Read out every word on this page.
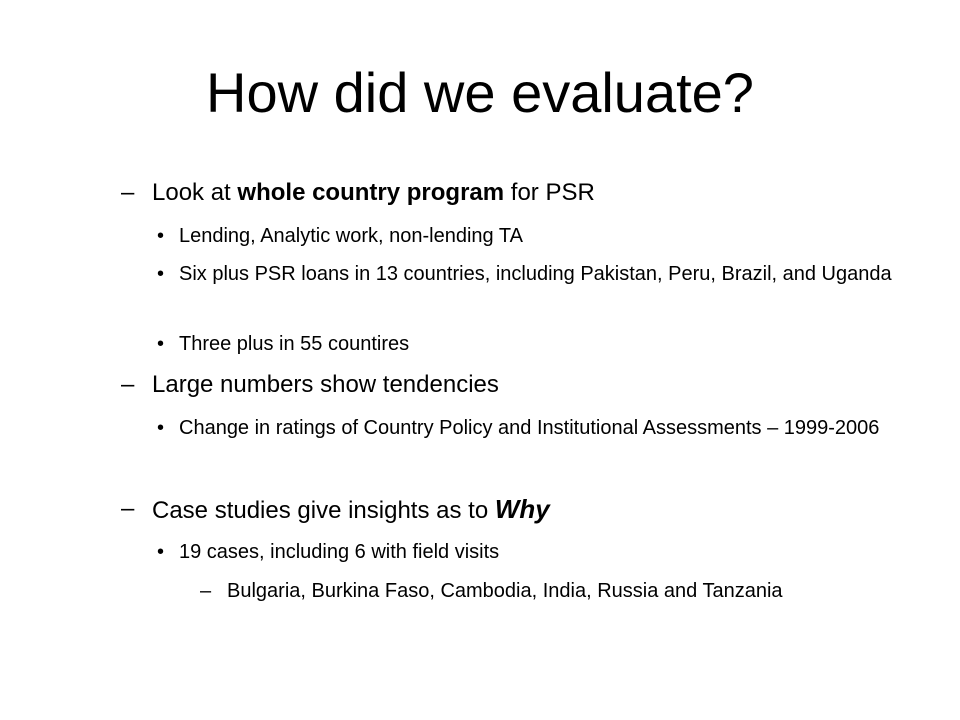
How did we evaluate?
– Look at whole country program for PSR
• Lending, Analytic work, non-lending TA
• Six plus PSR loans in 13 countries, including Pakistan, Peru, Brazil, and Uganda
• Three plus in 55 countires
– Large numbers show tendencies
• Change in ratings of Country Policy and Institutional Assessments – 1999-2006
– Case studies give insights as to Why
• 19 cases, including 6 with field visits
– Bulgaria, Burkina Faso, Cambodia, India, Russia and Tanzania
